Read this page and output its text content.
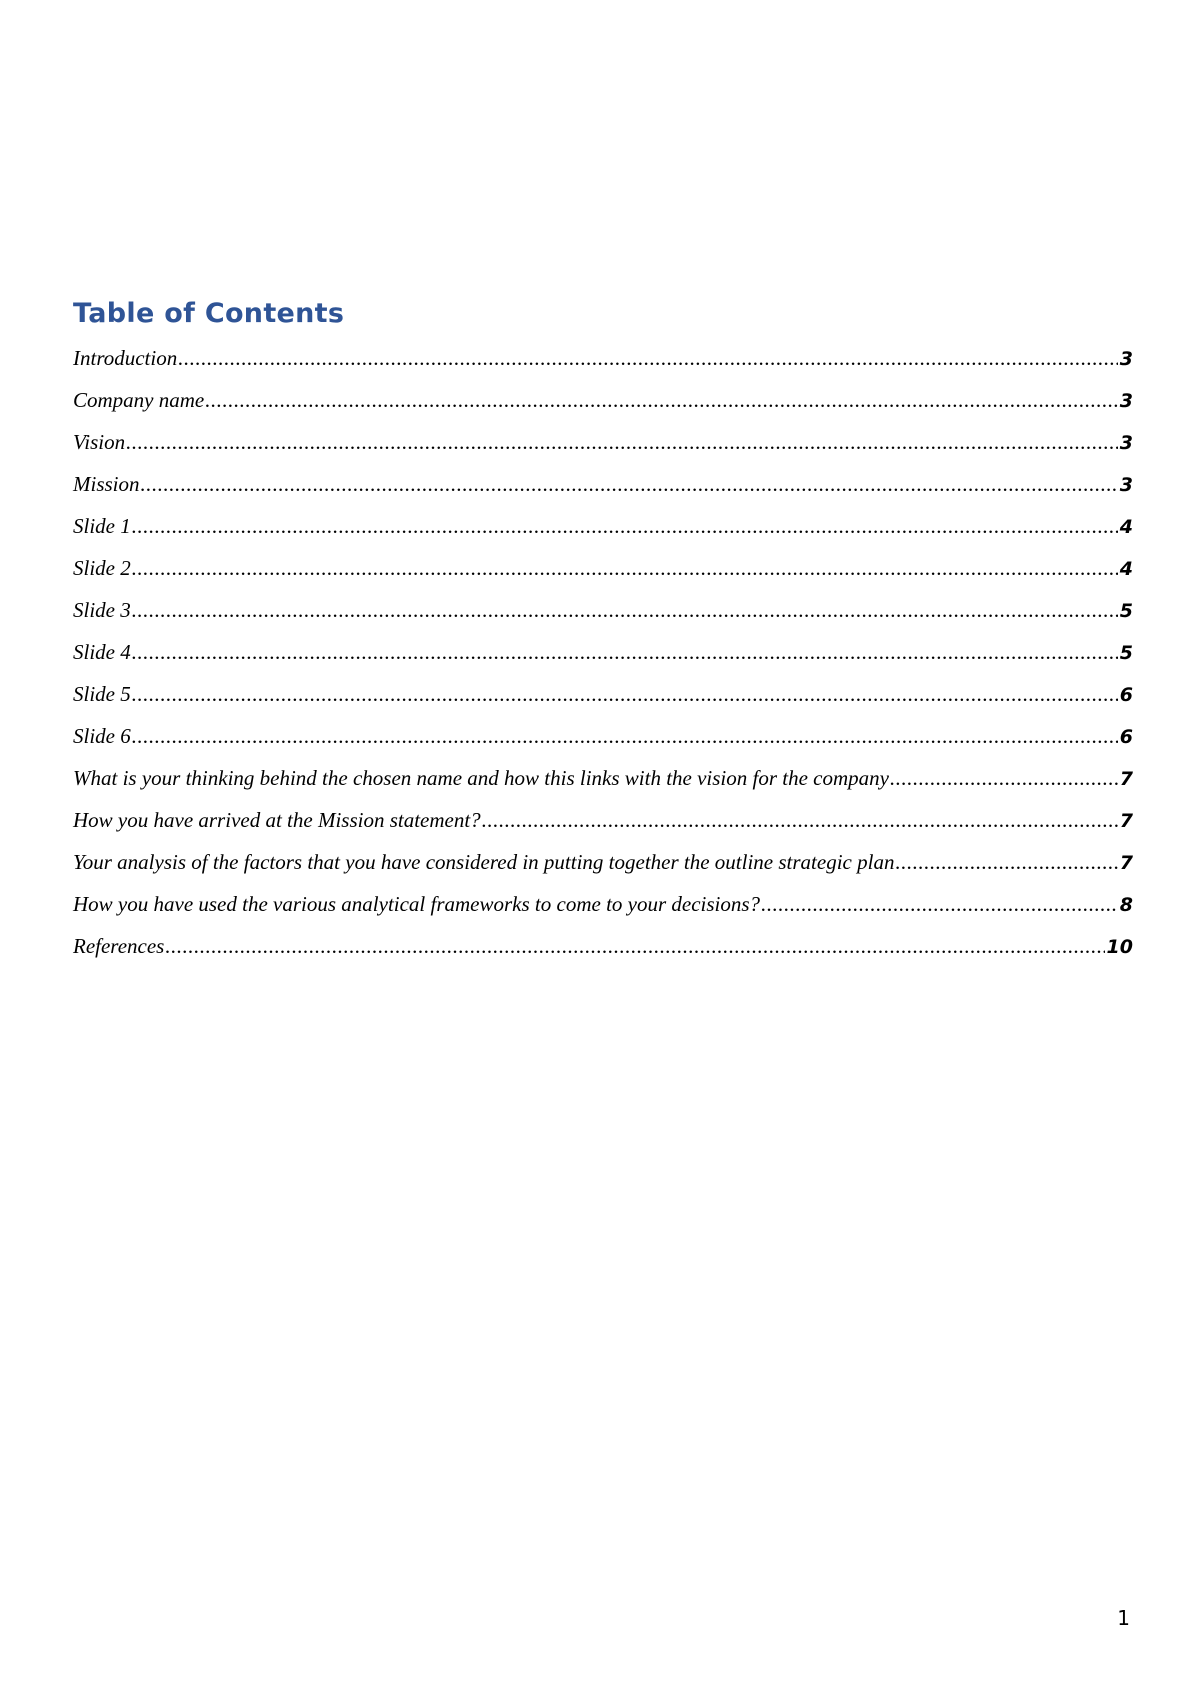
Table of Contents
Introduction .....	3
Company name .....	3
Vision .....	3
Mission .....	3
Slide 1 .....	4
Slide 2 .....	4
Slide 3 .....	5
Slide 4 .....	5
Slide 5 .....	6
Slide 6 .....	6
What is your thinking behind the chosen name and how this links with the vision for the company .....	7
How you have arrived at the Mission statement? .....	7
Your analysis of the factors that you have considered in putting together the outline strategic plan .....	7
How you have used the various analytical frameworks to come to your decisions? .....	8
References .....	10
1
